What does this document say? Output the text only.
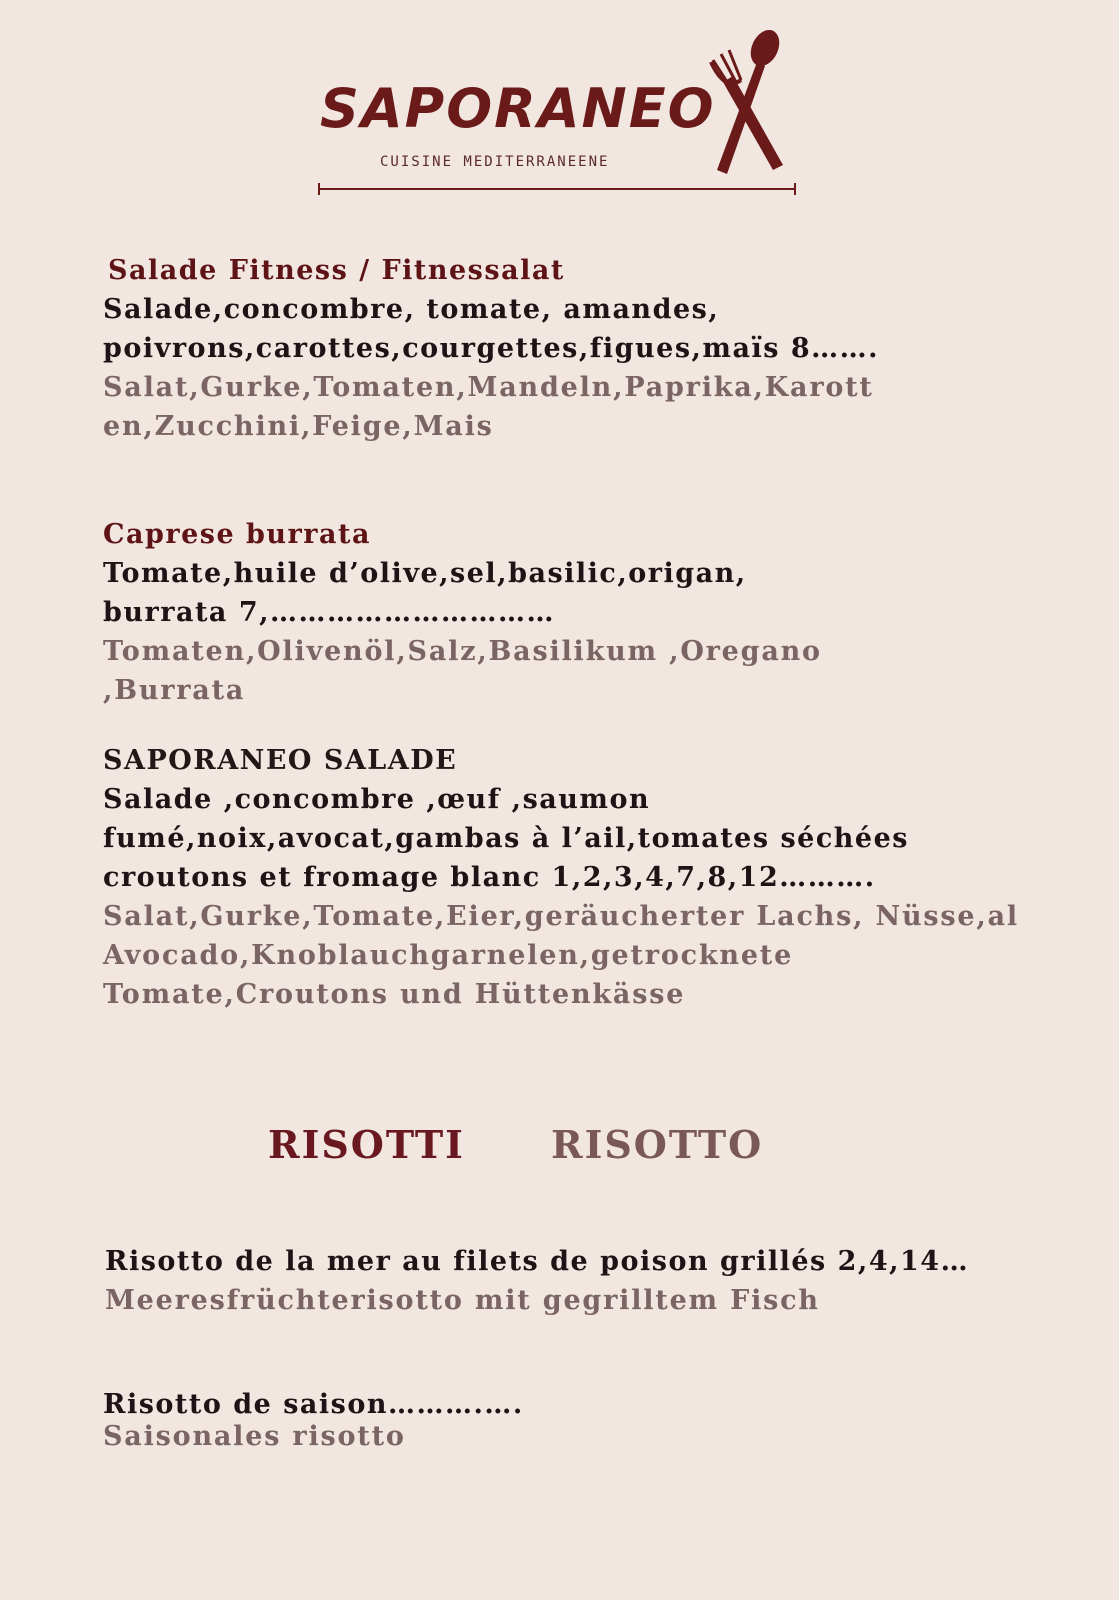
SAPORANEO
CUISINE MEDITERRANEENE

Salade Fitness / Fitnessalat

Salade,concombre, tomate, amandes,
poivrons,carottes,courgettes,figues,maïs 8…….

Salat,Gurke,Tomaten,Mandeln,Paprika,Karott
en,Zucchini,Feige,Mais

Caprese burrata

Tomate,huile d’olive,sel,basilic,origan,
burrata 7,…………………………

Tomaten,Olivenöl,Salz,Basilikum ,Oregano
,Burrata

SAPORANEO SALADE

Salade ,concombre ,œuf ,saumon
fumé,noix,avocat,gambas à l’ail,tomates séchées
croutons et fromage blanc 1,2,3,4,7,8,12……….

Salat,Gurke,Tomate,Eier,geräucherter Lachs, Nüsse,al
Avocado,Knoblauchgarnelen,getrocknete
Tomate,Croutons und Hüttenkässe

RISOTTI RISOTTO

Risotto de la mer au filets de poison grillés 2,4,14…

Meeresfrüchterisotto mit gegrilltem Fisch

Risotto de saison……….….

Saisonales risotto
